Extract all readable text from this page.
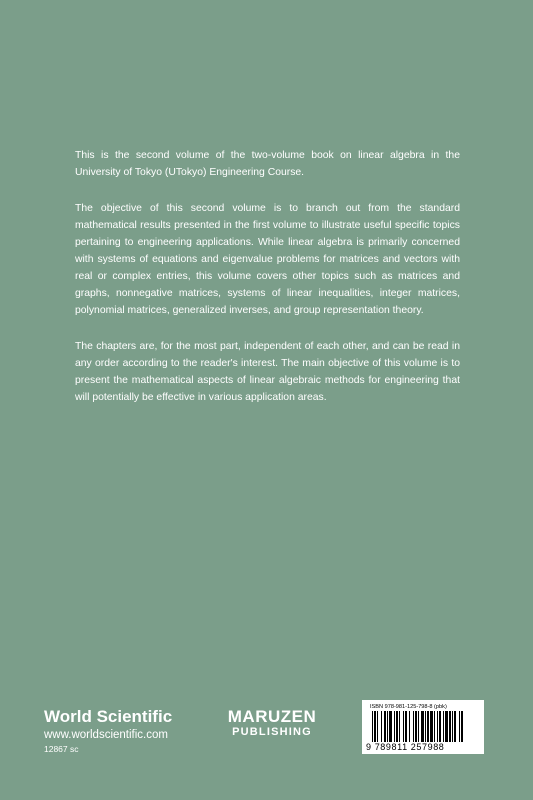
This is the second volume of the two-volume book on linear algebra in the University of Tokyo (UTokyo) Engineering Course.

The objective of this second volume is to branch out from the standard mathematical results presented in the first volume to illustrate useful specific topics pertaining to engineering applications. While linear algebra is primarily concerned with systems of equations and eigenvalue problems for matrices and vectors with real or complex entries, this volume covers other topics such as matrices and graphs, nonnegative matrices, systems of linear inequalities, integer matrices, polynomial matrices, generalized inverses, and group representation theory.

The chapters are, for the most part, independent of each other, and can be read in any order according to the reader's interest. The main objective of this volume is to present the mathematical aspects of linear algebraic methods for engineering that will potentially be effective in various application areas.

World Scientific
www.worldscientific.com
12867 sc
MARUZEN
PUBLISHING
ISBN 978-981-125-798-8 (pbk)
9 789811 257988
